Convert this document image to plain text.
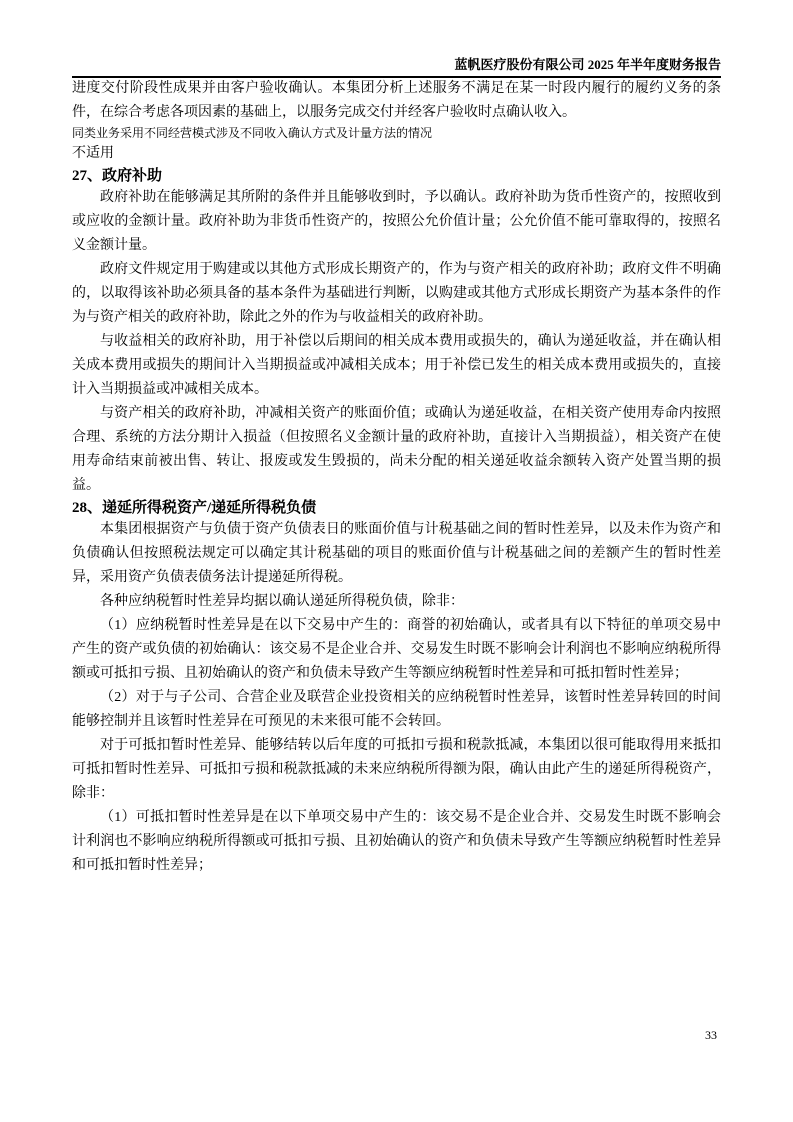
蓝帆医疗股份有限公司 2025 年半年度财务报告

进度交付阶段性成果并由客户验收确认。本集团分析上述服务不满足在某一时段内履行的履约义务的条件，在综合考虑各项因素的基础上，以服务完成交付并经客户验收时点确认收入。

同类业务采用不同经营模式涉及不同收入确认方式及计量方法的情况

不适用

27、政府补助

政府补助在能够满足其所附的条件并且能够收到时，予以确认。政府补助为货币性资产的，按照收到或应收的金额计量。政府补助为非货币性资产的，按照公允价值计量；公允价值不能可靠取得的，按照名义金额计量。

政府文件规定用于购建或以其他方式形成长期资产的，作为与资产相关的政府补助；政府文件不明确的，以取得该补助必须具备的基本条件为基础进行判断，以购建或其他方式形成长期资产为基本条件的作为与资产相关的政府补助，除此之外的作为与收益相关的政府补助。

与收益相关的政府补助，用于补偿以后期间的相关成本费用或损失的，确认为递延收益，并在确认相关成本费用或损失的期间计入当期损益或冲减相关成本；用于补偿已发生的相关成本费用或损失的，直接计入当期损益或冲减相关成本。

与资产相关的政府补助，冲减相关资产的账面价值；或确认为递延收益，在相关资产使用寿命内按照合理、系统的方法分期计入损益（但按照名义金额计量的政府补助，直接计入当期损益），相关资产在使用寿命结束前被出售、转让、报废或发生毁损的，尚未分配的相关递延收益余额转入资产处置当期的损益。

28、递延所得税资产/递延所得税负债

本集团根据资产与负债于资产负债表日的账面价值与计税基础之间的暂时性差异，以及未作为资产和负债确认但按照税法规定可以确定其计税基础的项目的账面价值与计税基础之间的差额产生的暂时性差异，采用资产负债表债务法计提递延所得税。

各种应纳税暂时性差异均据以确认递延所得税负债，除非：

（1）应纳税暂时性差异是在以下交易中产生的：商誉的初始确认，或者具有以下特征的单项交易中产生的资产或负债的初始确认：该交易不是企业合并、交易发生时既不影响会计利润也不影响应纳税所得额或可抵扣亏损、且初始确认的资产和负债未导致产生等额应纳税暂时性差异和可抵扣暂时性差异；

（2）对于与子公司、合营企业及联营企业投资相关的应纳税暂时性差异，该暂时性差异转回的时间能够控制并且该暂时性差异在可预见的未来很可能不会转回。

对于可抵扣暂时性差异、能够结转以后年度的可抵扣亏损和税款抵减，本集团以很可能取得用来抵扣可抵扣暂时性差异、可抵扣亏损和税款抵减的未来应纳税所得额为限，确认由此产生的递延所得税资产，除非：

（1）可抵扣暂时性差异是在以下单项交易中产生的：该交易不是企业合并、交易发生时既不影响会计利润也不影响应纳税所得额或可抵扣亏损、且初始确认的资产和负债未导致产生等额应纳税暂时性差异和可抵扣暂时性差异；

33
